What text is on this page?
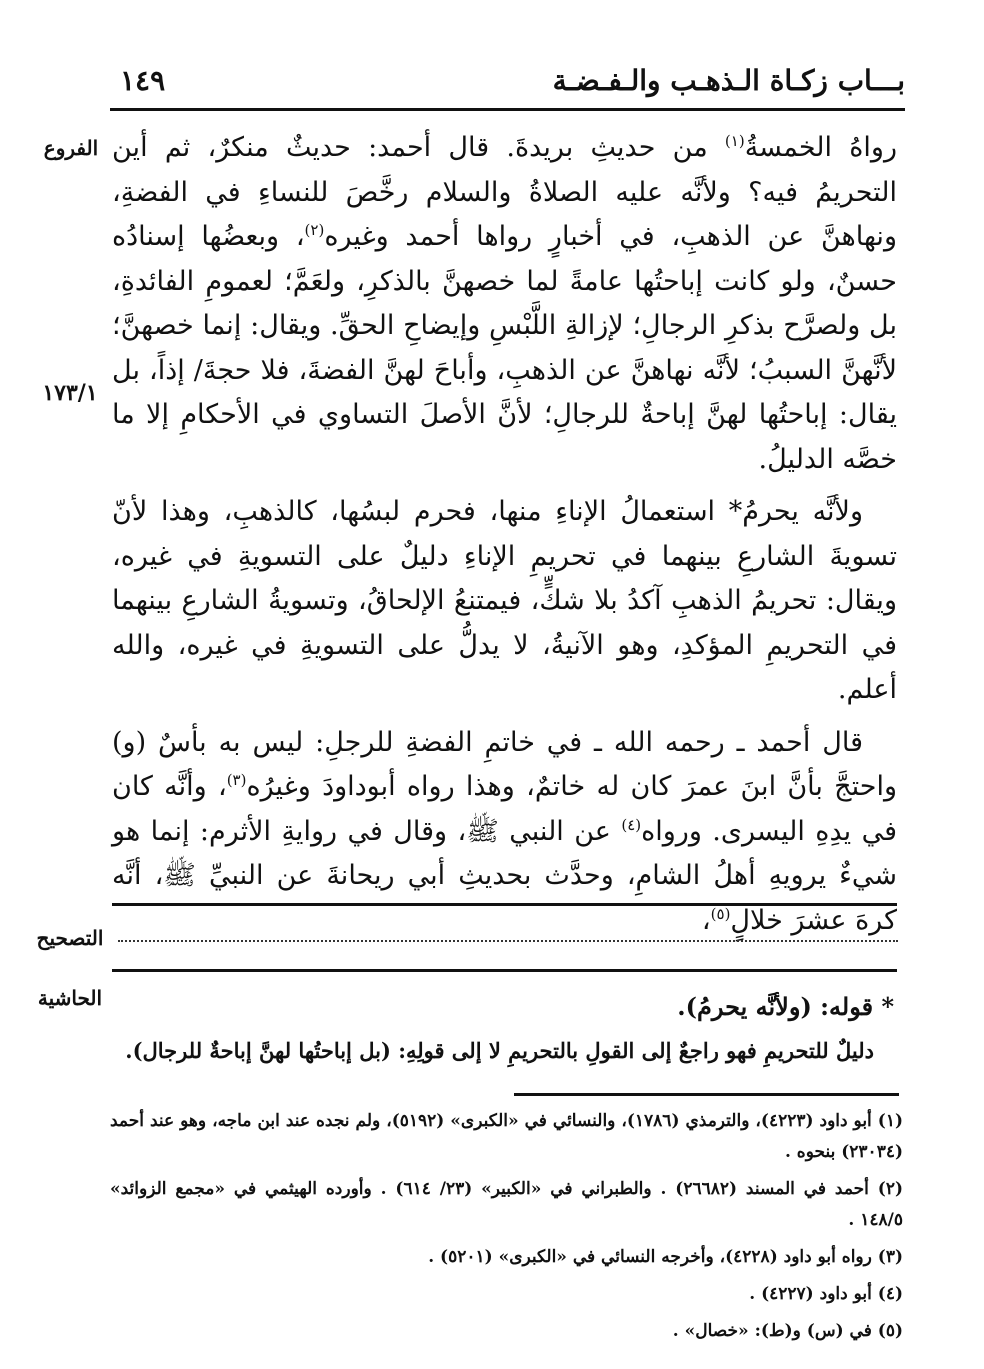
بـــاب زكـاة الـذهـب والـفـضـة
١٤٩
الفروع
١٧٣/١

رواهُ الخمسةُ$^{(١)}$ من حديثِ بريدةَ. قال أحمد: حديثٌ منكرٌ، ثم أين التحريمُ فيه؟ ولأنَّه عليه الصلاةُ والسلام رخَّصَ للنساءِ في الفضةِ، ونهاهنَّ عن الذهبِ، في أخبارٍ رواها أحمد وغيره$^{(٢)}$، وبعضُها إسنادُه حسنٌ، ولو كانت إباحتُها عامةً لما خصهنَّ بالذكرِ، ولعَمَّ؛ لعمومِ الفائدةِ، بل ولصرَّح بذكرِ الرجالِ؛ لإزالةِ اللَّبْسِ وإيضاحِ الحقِّ. ويقال: إنما خصهنَّ؛ لأنَّهنَّ السببُ؛ لأنَّه نهاهنَّ عن الذهبِ، وأباحَ لهنَّ الفضةَ، فلا حجةَ/ إذاً، بل يقال: إباحتُها لهنَّ إباحةٌ للرجالِ؛ لأنَّ الأصلَ التساوي في الأحكامِ إلا ما خصَّه الدليلُ.

ولأنَّه يحرمُ* استعمالُ الإناءِ منها، فحرم لبسُها، كالذهبِ، وهذا لأنّ تسويةَ الشارعِ بينهما في تحريمِ الإناءِ دليلٌ على التسويةِ في غيره، ويقال: تحريمُ الذهبِ آكدُ بلا شكٍّ، فيمتنعُ الإلحاقُ، وتسويةُ الشارعِ بينهما في التحريمِ المؤكدِ، وهو الآنيةُ، لا يدلُّ على التسويةِ في غيره، والله أعلم.

قال أحمد ـ رحمه الله ـ في خاتمِ الفضةِ للرجلِ: ليس به بأسٌ (و) واحتجَّ بأنَّ ابنَ عمرَ كان له خاتمٌ، وهذا رواه أبوداودَ وغيرُه$^{(٣)}$، وأنَّه كان في يدِهِ اليسرى. ورواه$^{(٤)}$ عن النبي ﷺ، وقال في روايةِ الأثرم: إنما هو شيءٌ يرويهِ أهلُ الشامِ، وحدَّث بحديثِ أبي ريحانةَ عن النبيِّ ﷺ، أنَّه كرهَ عشرَ خلالٍ$^{(٥)}$،

التصحيح
الحاشية	* قوله: (ولأنَّه يحرمُ).
دليلٌ للتحريمِ فهو راجعٌ إلى القولِ بالتحريمِ لا إلى قولِهِ: (بل إباحتُها لهنَّ إباحةٌ للرجال).

(١) أبو داود (٤٢٢٣)، والترمذي (١٧٨٦)، والنسائي في «الكبرى» (٥١٩٢)، ولم نجده عند ابن ماجه، وهو عند أحمد (٢٣٠٣٤) بنحوه .

(٢) أحمد في المسند (٢٦٦٨٢) . والطبراني في «الكبير» (٢٣/ ٦١٤) . وأورده الهيثمي في «مجمع الزوائد» ١٤٨/٥ .

(٣) رواه أبو داود (٤٢٢٨)، وأخرجه النسائي في «الكبرى» (٥٢٠١) .

(٤) أبو داود (٤٢٢٧) .

(٥) في (س) و(ط): «خصال» .
